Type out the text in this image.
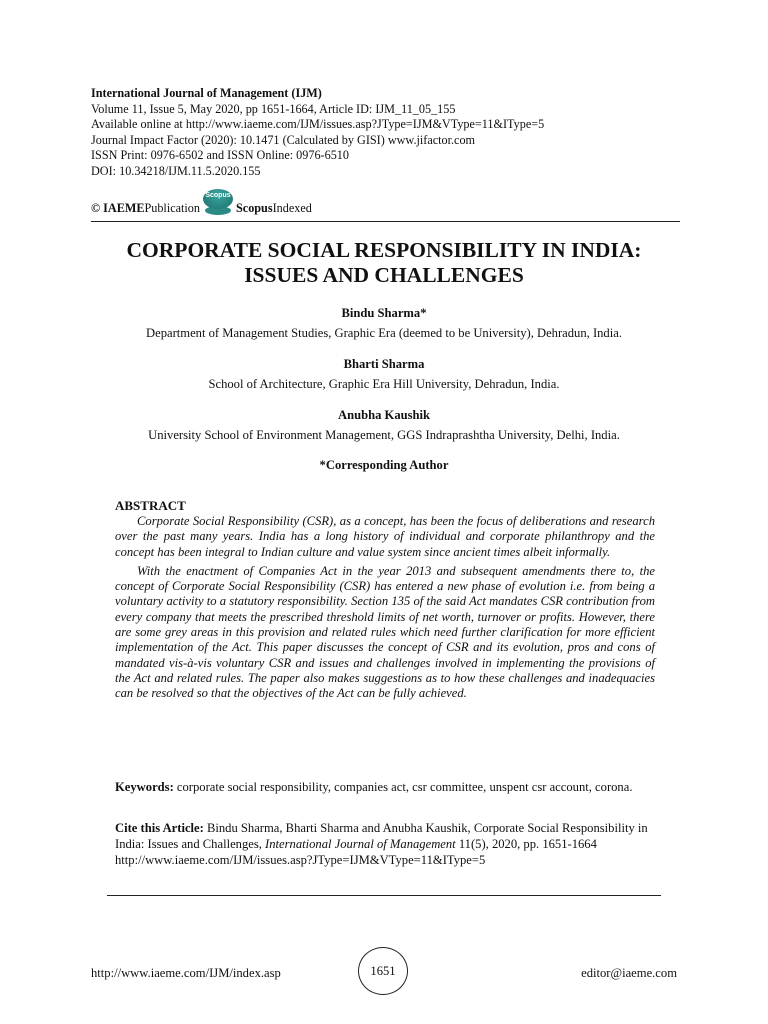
International Journal of Management (IJM)
Volume 11, Issue 5, May 2020, pp 1651-1664, Article ID: IJM_11_05_155
Available online at http://www.iaeme.com/IJM/issues.asp?JType=IJM&VType=11&IType=5
Journal Impact Factor (2020): 10.1471 (Calculated by GISI) www.jifactor.com
ISSN Print: 0976-6502 and ISSN Online: 0976-6510
DOI: 10.34218/IJM.11.5.2020.155
© IAEME Publication
Scopus
Scopus Indexed
CORPORATE SOCIAL RESPONSIBILITY IN INDIA:
ISSUES AND CHALLENGES
Bindu Sharma*
Department of Management Studies, Graphic Era (deemed to be University), Dehradun, India.
Bharti Sharma
School of Architecture, Graphic Era Hill University, Dehradun, India.
Anubha Kaushik
University School of Environment Management, GGS Indraprashtha University, Delhi, India.
*Corresponding Author
ABSTRACT

Corporate Social Responsibility (CSR), as a concept, has been the focus of deliberations and research over the past many years. India has a long history of individual and corporate philanthropy and the concept has been integral to Indian culture and value system since ancient times albeit informally.

With the enactment of Companies Act in the year 2013 and subsequent amendments there to, the concept of Corporate Social Responsibility (CSR) has entered a new phase of evolution i.e. from being a voluntary activity to a statutory responsibility. Section 135 of the said Act mandates CSR contribution from every company that meets the prescribed threshold limits of net worth, turnover or profits. However, there are some grey areas in this provision and related rules which need further clarification for more efficient implementation of the Act. This paper discusses the concept of CSR and its evolution, pros and cons of mandated vis-à-vis voluntary CSR and issues and challenges involved in implementing the provisions of the Act and related rules. The paper also makes suggestions as to how these challenges and inadequacies can be resolved so that the objectives of the Act can be fully achieved.

Keywords: corporate social responsibility, companies act, csr committee, unspent csr account, corona.
Cite this Article: Bindu Sharma, Bharti Sharma and Anubha Kaushik, Corporate Social Responsibility in India: Issues and Challenges, International Journal of Management 11(5), 2020, pp. 1651-1664
http://www.iaeme.com/IJM/issues.asp?JType=IJM&VType=11&IType=5
http://www.iaeme.com/IJM/index.asp	1651	editor@iaeme.com
